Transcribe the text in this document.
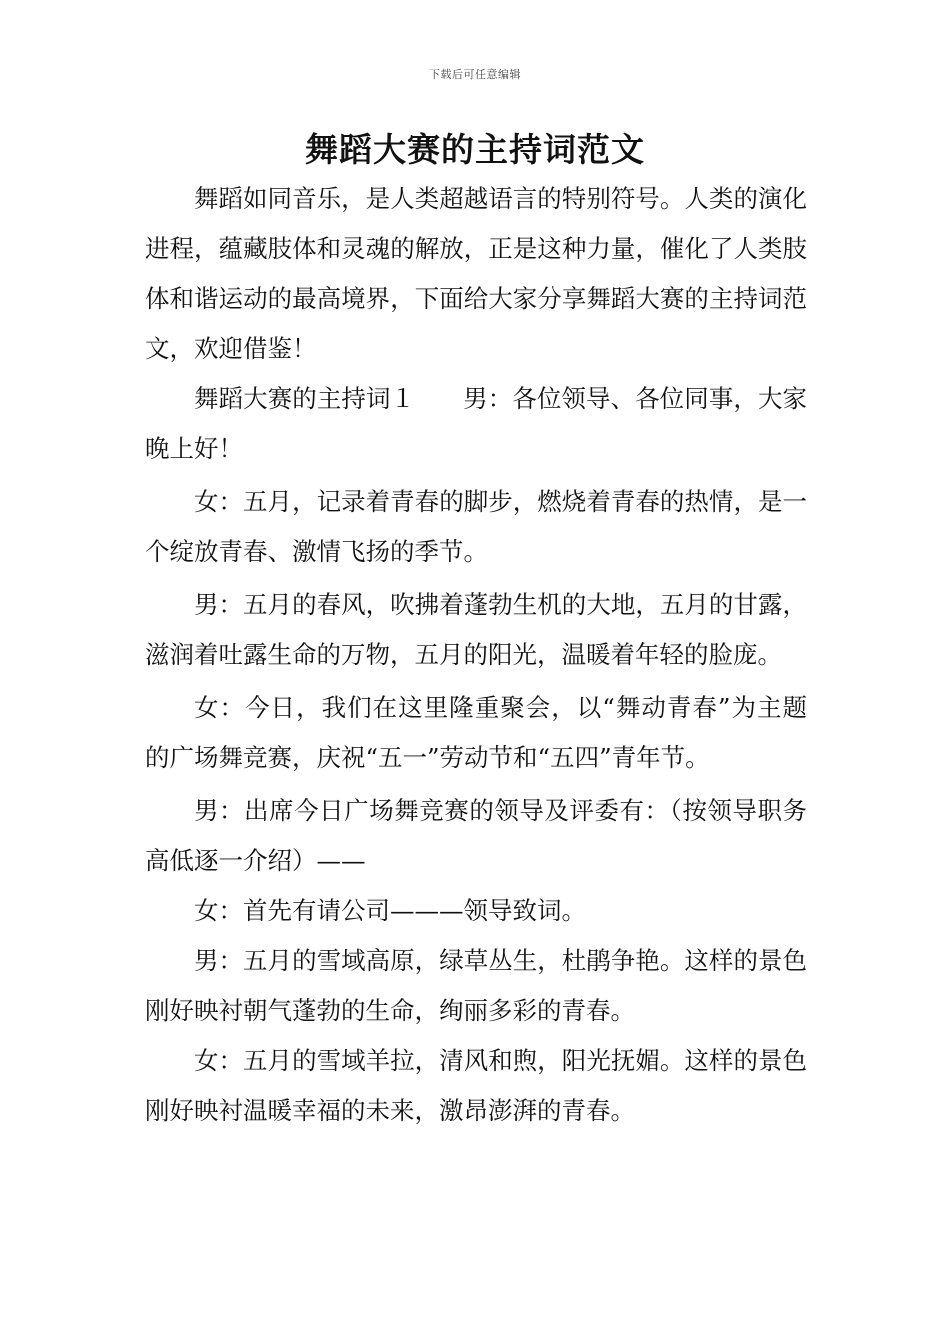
下载后可任意编辑
舞蹈大赛的主持词范文

舞蹈如同音乐，是人类超越语言的特别符号。人类的演化进程，蕴藏肢体和灵魂的解放，正是这种力量，催化了人类肢体和谐运动的最高境界，下面给大家分享舞蹈大赛的主持词范文，欢迎借鉴！

舞蹈大赛的主持词１ 男：各位领导、各位同事，大家晚上好！

女：五月，记录着青春的脚步，燃烧着青春的热情，是一个绽放青春、激情飞扬的季节。

男：五月的春风，吹拂着蓬勃生机的大地，五月的甘露，滋润着吐露生命的万物，五月的阳光，温暖着年轻的脸庞。

女：今日，我们在这里隆重聚会，以“舞动青春”为主题的广场舞竞赛，庆祝“五一”劳动节和“五四”青年节。

男：出席今日广场舞竞赛的领导及评委有：（按领导职务高低逐一介绍）——

女：首先有请公司———领导致词。

男：五月的雪域高原，绿草丛生，杜鹃争艳。这样的景色刚好映衬朝气蓬勃的生命，绚丽多彩的青春。

女：五月的雪域羊拉，清风和煦，阳光抚媚。这样的景色刚好映衬温暖幸福的未来，激昂澎湃的青春。
